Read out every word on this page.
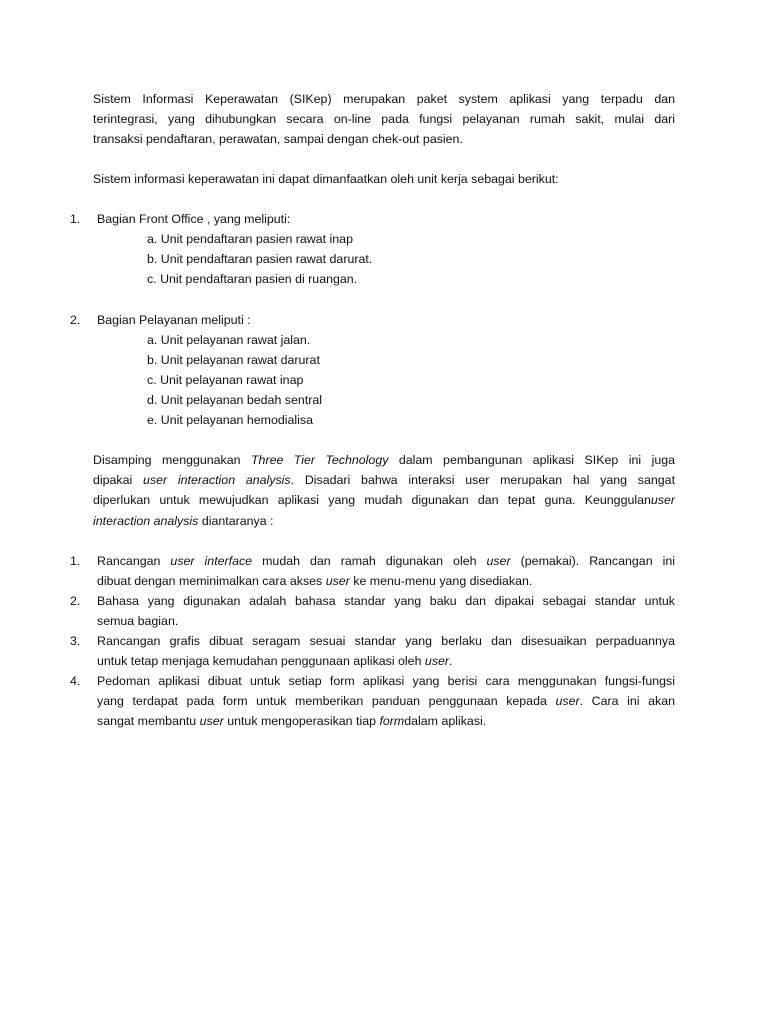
Sistem Informasi Keperawatan (SIKep) merupakan paket system aplikasi yang terpadu dan
terintegrasi, yang dihubungkan secara on-line pada fungsi pelayanan rumah sakit, mulai dari
transaksi pendaftaran, perawatan, sampai dengan chek-out pasien.

Sistem informasi keperawatan ini dapat dimanfaatkan oleh unit kerja sebagai berikut:

1. Bagian Front Office , yang meliputi:
a. Unit pendaftaran pasien rawat inap
b. Unit pendaftaran pasien rawat darurat.
c. Unit pendaftaran pasien di ruangan.
2. Bagian Pelayanan meliputi :
a. Unit pelayanan rawat jalan.
b. Unit pelayanan rawat darurat
c. Unit pelayanan rawat inap
d. Unit pelayanan bedah sentral
e. Unit pelayanan hemodialisa
Disamping menggunakan Three Tier Technology dalam pembangunan aplikasi SIKep ini juga
dipakai user interaction analysis. Disadari bahwa interaksi user merupakan hal yang sangat
diperlukan untuk mewujudkan aplikasi yang mudah digunakan dan tepat guna. Keunggulanuser
interaction analysis diantaranya :
1. Rancangan user interface mudah dan ramah digunakan oleh user (pemakai). Rancangan ini
dibuat dengan meminimalkan cara akses user ke menu-menu yang disediakan.
2. Bahasa yang digunakan adalah bahasa standar yang baku dan dipakai sebagai standar untuk
semua bagian.
3. Rancangan grafis dibuat seragam sesuai standar yang berlaku dan disesuaikan perpaduannya
untuk tetap menjaga kemudahan penggunaan aplikasi oleh user.
4. Pedoman aplikasi dibuat untuk setiap form aplikasi yang berisi cara menggunakan fungsi-fungsi
yang terdapat pada form untuk memberikan panduan penggunaan kepada user. Cara ini akan
sangat membantu user untuk mengoperasikan tiap formdalam aplikasi.
